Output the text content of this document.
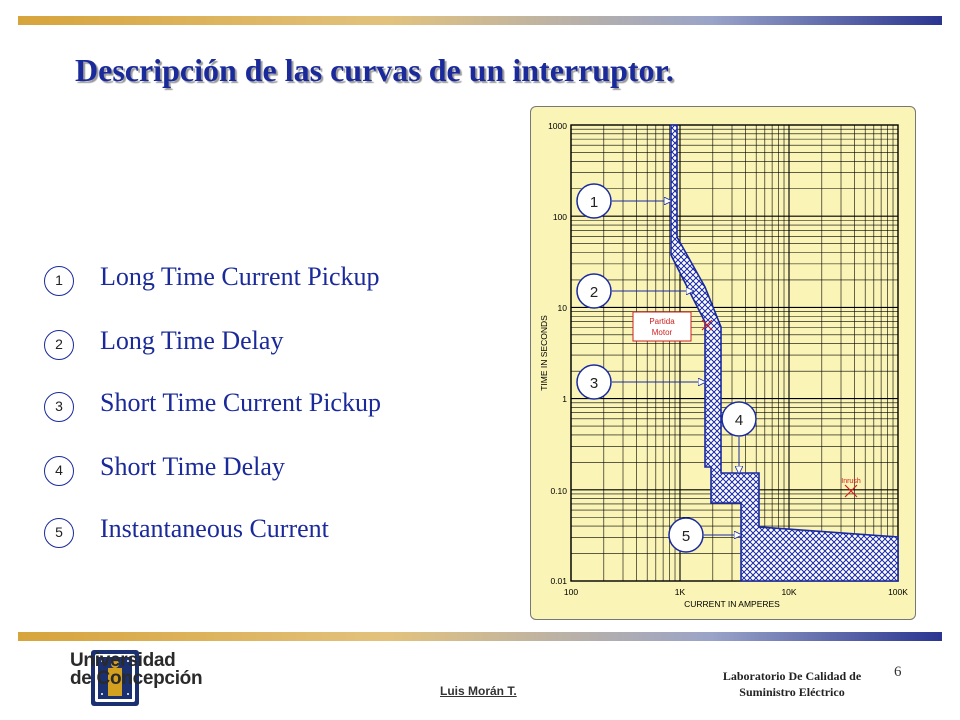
Descripción de las curvas de un interruptor.
1	Long Time Current Pickup
2	Long Time Delay
3	Short Time Current Pickup
4	Short Time Delay
5	Instantaneous Current
1000
100
10
1
0.10
0.01
100	1K	10K	100K
CURRENT IN AMPERES
TIME IN SECONDS
1
2
3
4
5
Partida
Motor
Inrush
Universidad
de Concepción
Luis Morán T.
Laboratorio De Calidad de
Suministro Eléctrico
6
